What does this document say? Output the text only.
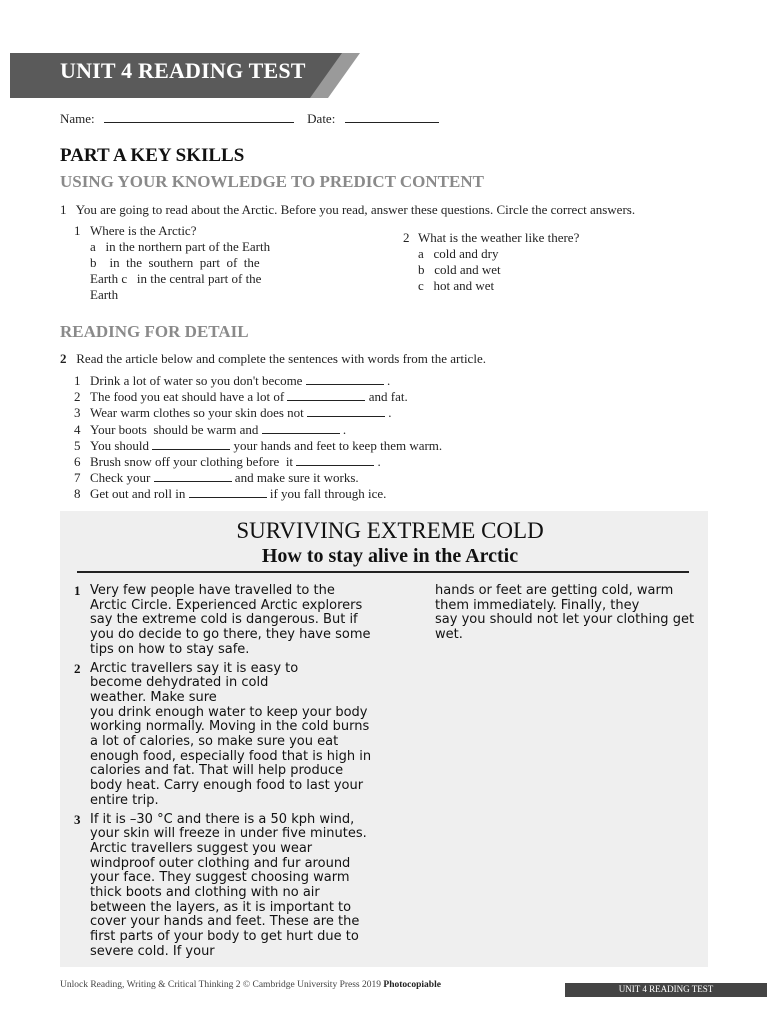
UNIT 4 READING TEST
Name:	Date:
PART A KEY SKILLS
USING YOUR KNOWLEDGE TO PREDICT CONTENT
1 You are going to read about the Arctic. Before you read, answer these questions. Circle the correct answers.
1 Where is the Arctic?
a   in the northern part of the Earth
b    in  the  southern  part  of  the
Earth c   in the central part of the
Earth
2 What is the weather like there?
a   cold and dry
b   cold and wet
c   hot and wet
READING FOR DETAIL
2 Read the article below and complete the sentences with words from the article.
1 Drink a lot of water so you don't become	.
2 The food you eat should have a lot of	and fat.
3 Wear warm clothes so your skin does not	.
4 Your boots  should be warm and	.
5 You should	your hands and feet to keep them warm.
6 Brush snow off your clothing before  it	.
7 Check your	and make sure it works.
8 Get out and roll in	if you fall through ice.
SURVIVING EXTREME COLD
How to stay alive in the Arctic
1 Very few people have travelled to the Arctic Circle. Experienced Arctic explorers say the extreme cold is dangerous. But if you do decide to go there, they have some tips on how to stay safe.
2 Arctic travellers say it is easy to become dehydrated in cold
weather. Make sure
you drink enough water to keep your body working normally. Moving in the cold burns a lot of calories, so make sure you eat enough food, especially food that is high in calories and fat. That will help produce body heat. Carry enough food to last your entire trip.
3 If it is –30 °C and there is a 50 kph wind, your skin will freeze in under five minutes. Arctic travellers suggest you wear windproof outer clothing and fur around your face. They suggest choosing warm thick boots and clothing with no air between the layers, as it is important to cover your hands and feet. These are the first parts of your body to get hurt due to severe cold. If your
hands or feet are getting cold, warm them immediately. Finally, they
say you should not let your clothing get wet.
Unlock Reading, Writing & Critical Thinking 2 © Cambridge University Press 2019 Photocopiable	UNIT 4 READING TEST
